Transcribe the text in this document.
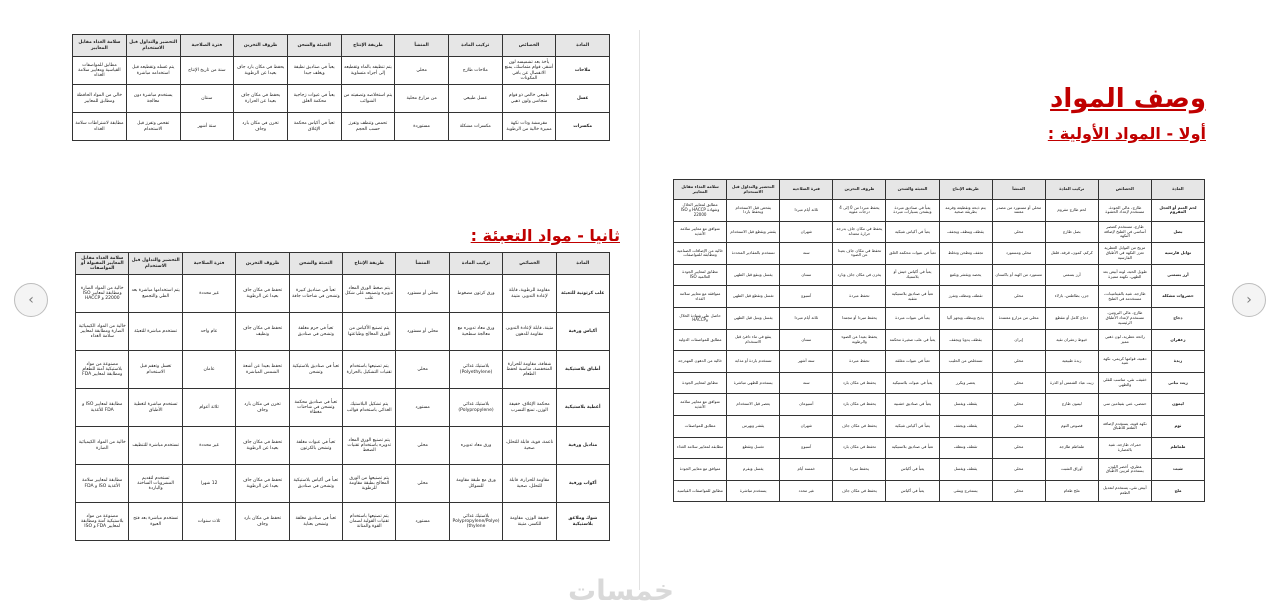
‹	›
وصف المواد
أولا - المواد الأولية :
ثانيا - مواد التعبئة :
المادة	الخصائص	تركيب المادة	المنشأ	طريقة الإنتاج	التعبئة والشحن	ظروف التخزين	فترة الصلاحية	التحضير والتداول قبل الاستخدام	سلامة الغذاء مقابل المعايير
ملاحات	يأخذ بعد تشميسه لون أشقر، قوام متماسك، يمنع الانفصال عن باقي المكونات	ملاحات طازج	محلي	يتم تنظيفه بالماء وتقطيعه إلى أجزاء متساوية	يعبأ في صناديق نظيفة ويغلف جيدا	يحفظ في مكان بارد جاف بعيدا عن الرطوبة	سنة من تاريخ الإنتاج	يتم غسله وتقطيعه قبل استخدامه مباشرة	مطابق للمواصفات القياسية ومعايير سلامة الغذاء
عسل	طبيعي خالص ذو قوام متجانس ولون ذهبي	عسل طبيعي	من مزارع محلية	يتم استخلاصه وتصفيته من الشوائب	يعبأ في عبوات زجاجية محكمة الغلق	يحفظ في مكان جاف بعيدا عن الحرارة	سنتان	يستخدم مباشرة دون معالجة	خالي من المواد الحافظة ومطابق للمعايير
مكسرات	مقرمشة وذات نكهة مميزة خالية من الرطوبة	مكسرات مشكلة	مستوردة	تحمص وتنظف وتفرز حسب الحجم	تعبأ في أكياس محكمة الإغلاق	تخزن في مكان بارد وجاف	ستة أشهر	تفحص وتفرز قبل الاستخدام	مطابقة لاشتراطات سلامة الغذاء
المادة	الخصائص	تركيب المادة	المنشأ	طريقة الإنتاج	التعبئة والشحن	ظروف التخزين	فترة الصلاحية	التحضير والتداول قبل الاستخدام	سلامة الغذاء مقابل المعايير
لحم الغنم أو العجل المفروم	طازج، عالي الجودة، مستخدم لإعداد الحشوة	لحم طازج مفروم	محلي أو مستورد من مصدر معتمد	يتم ذبحه وتقطيعه وفرمه بطريقة صحية	يعبأ في صناديق مبردة ويشحن بسيارات مبردة	يحفظ مبردا من 0 إلى 4 درجات مئوية	ثلاثة أيام مبردا	يفحص قبل الاستخدام ويحفظ باردا	مطابق لمعايير الحلال وشهادة HACCP و ISO 22000
بصل	طازج، مستخدم كعنصر أساسي في الطبخ لإضافة النكهة	بصل طازج	محلي	يقطف وينظف ويجفف	يعبأ في أكياس شبكية	يحفظ في مكان جاف بدرجة حرارة معتدلة	شهران	يقشر ويقطع قبل الاستخدام	متوافق مع معايير سلامة الأغذية
توابل فارسية	مزيج من التوابل العطرية تعزز النكهة في الأطباق الفارسية	كركم، كمون، قرفة، فلفل	محلي ومستورد	تجفف وتطحن وتخلط	تعبأ في عبوات محكمة الغلق	تحفظ في مكان جاف بعيدا عن الضوء	سنة	تستخدم بالمقادير المحددة	خالية من الإضافات الصناعية ومطابقة للمواصفات
أرز بسمتي	طويل الحبة، لونه أبيض بعد الطهي، نكهته مميزة	أرز بسمتي	مستورد من الهند أو باكستان	يحصد ويقشر ويلمع	يعبأ في أكياس خيش أو بلاستيك	يخزن في مكان جاف وبارد	سنتان	يغسل وينقع قبل الطهي	مطابق لمعايير الجودة العالمية ISO
خضروات مشكلة	طازجة، غنية بالفيتامينات، مستخدمة في الطبخ	جزر، بطاطس، بازلاء	محلي	تقطف وتنظف وتفرز	تعبأ في صناديق بلاستيكية مثقبة	تحفظ مبردة	أسبوع	تغسل وتقطع قبل الطهي	متوافقة مع معايير سلامة الغذاء
دجاج	طازج، عالي البروتين، مستخدم لإعداد الأطباق الرئيسية	دجاج كامل أو مقطع	محلي من مزارع معتمدة	يذبح وينظف ويجهز آليا	يعبأ في عبوات مبردة	يحفظ مبردا أو مجمدا	ثلاثة أيام مبردا	يغسل ويتبل قبل الطهي	حاصل على شهادة الحلال وHACCP
زعفران	رائحة عطرية، لون ذهبي مميز	خيوط زعفران نقية	إيران	يقطف يدويا ويجفف	يعبأ في علب صغيرة محكمة	يحفظ بعيدا عن الضوء والرطوبة	سنتان	ينقع في ماء دافئ قبل الاستخدام	مطابق للمواصفات الدولية
زبدة	دهنية، قوامها كريمي، نكهة غنية	زبدة طبيعية	محلي	تستخلص من الحليب	تعبأ في عبوات مغلقة	تحفظ مبردة	ستة أشهر	تستخدم باردة أو مذابة	خالية من الدهون المهدرجة
زيت نباتي	خفيف، نقي، مناسب للقلي والطهي	زيت عباد الشمس أو الذرة	محلي	يعصر ويكرر	يعبأ في عبوات بلاستيكية	يحفظ في مكان بارد	سنة	يستخدم للطهي مباشرة	مطابق لمعايير الجودة
ليمون	حمضي، غني بفيتامين سي	ليمون طازج	محلي	يقطف ويغسل	يعبأ في صناديق خشبية	يحفظ في مكان بارد	أسبوعان	يعصر قبل الاستخدام	متوافق مع معايير سلامة الأغذية
ثوم	نكهة قوية، يستخدم لإضافة الطعم للأطباق	فصوص الثوم	محلي	يقطف ويجفف	يعبأ في أكياس شبكية	يحفظ في مكان جاف	شهران	يقشر ويهرس	مطابق للمواصفات
طماطم	حمراء، طازجة، غنية بالعصارة	طماطم طازجة	محلي	تقطف وتنظف	تعبأ في صناديق بلاستيكية	تحفظ في مكان بارد	أسبوع	تغسل وتقطع	مطابقة لمعايير سلامة الغذاء
شبت	عطري، أخضر اللون، يستخدم لتزيين الأطباق	أوراق الشبت	محلي	يقطف ويغسل	يعبأ في أكياس	يحفظ مبردا	خمسة أيام	يغسل ويفرم	متوافق مع معايير الجودة
ملح	أبيض نقي، يستخدم لتعديل الطعم	ملح طعام	محلي	يستخرج وينقى	يعبأ في أكياس	يحفظ في مكان جاف	غير محدد	يستخدم مباشرة	مطابق للمواصفات القياسية
المادة	الخصائص	تركيب المادة	المنشأ	طريقة الإنتاج	التعبئة والشحن	ظروف التخزين	فترة الصلاحية	التحضير والتداول قبل الاستخدام	سلامة الغذاء مقابل المعايير المقبولة أو المواصفات
علب كرتونية للتعبئة	مقاومة للرطوبة، قابلة لإعادة التدوير، متينة	ورق كرتون مضغوط	محلي أو مستورد	يتم ضغط الورق المعاد تدويره وتصنيعه على شكل علب	تعبأ في صناديق كبيرة وتشحن في شاحنات جافة	تحفظ في مكان جاف بعيدا عن الرطوبة	غير محددة	يتم استخدامها مباشرة بعد الطي والتجميع	خالية من المواد الضارة ومطابقة لمعايير ISO 22000 و HACCP
أكياس ورقية	متينة، قابلة لإعادة التدوير، مقاومة للدهون	ورق معاد تدويره مع معالجة سطحية	محلي أو مستورد	يتم تصنيع الأكياس من الورق المعالج وطباعتها	تعبأ في حزم مغلفة وتشحن في صناديق	تحفظ في مكان جاف ونظيف	عام واحد	تستخدم مباشرة للتعبئة	خالية من المواد الكيميائية الضارة ومطابقة لمعايير سلامة الغذاء
أطباق بلاستيكية	شفافة، مقاومة للحرارة المنخفضة، مناسبة لحفظ الطعام	بلاستيك غذائي (Polyethylene)	محلي	يتم تصنيعها باستخدام تقنيات التشكيل بالحرارة	تعبأ في صناديق بلاستيكية وتشحن	تحفظ بعيدا عن أشعة الشمس المباشرة	عامان	تغسل وتعقم قبل الاستخدام	مصنوعة من مواد بلاستيكية آمنة للطعام ومطابقة لمعايير FDA
أغطية بلاستيكية	محكمة الإغلاق، خفيفة الوزن، تمنع التسرب	بلاستيك غذائي (Polypropylene)	مستورد	يتم تشكيل البلاستيك الغذائي باستخدام قوالب	تعبأ في صناديق محكمة وتشحن في شاحنات مغطاة	تخزن في مكان بارد وجاف	ثلاثة أعوام	تستخدم مباشرة لتغطية الأطباق	مطابقة لمعايير ISO و FDA للأغذية
مناديل ورقية	ناعمة، قوية، قابلة للتحلل، صحية	ورق معاد تدويره	محلي	يتم تصنيع الورق المعاد تدويره باستخدام تقنيات الضغط	تعبأ في عبوات مغلفة وتشحن بالكرتون	تحفظ في مكان جاف بعيدا عن الرطوبة	غير محددة	تستخدم مباشرة للتنظيف	خالية من المواد الكيميائية الضارة
أكواب ورقية	مقاومة للحرارة، قابلة للتحلل، صحية	ورق مع طبقة مقاومة للسوائل	محلي	يتم تصنيعها من الورق المعالج بطبقة مقاومة للرطوبة	تعبأ في أكياس بلاستيكية وتشحن في صناديق	تحفظ في مكان جاف بعيدا عن الرطوبة	12 شهرا	تستخدم لتقديم المشروبات الساخنة والباردة	مطابقة لمعايير سلامة الأغذية ISO و FDA
شوك وملاعق بلاستيكية	خفيفة الوزن، مقاومة للكسر، متينة	بلاستيك غذائي (Polypropylene/Polyethylene)	مستورد	يتم تصنيعها باستخدام تقنيات القولبة لضمان القوة والمتانة	تعبأ في صناديق مغلفة وتشحن بعناية	تحفظ في مكان بارد وجاف	ثلاث سنوات	تستخدم مباشرة بعد فتح العبوة	مصنوعة من مواد بلاستيكية آمنة ومطابقة لمعايير FDA و ISO
خمسات
